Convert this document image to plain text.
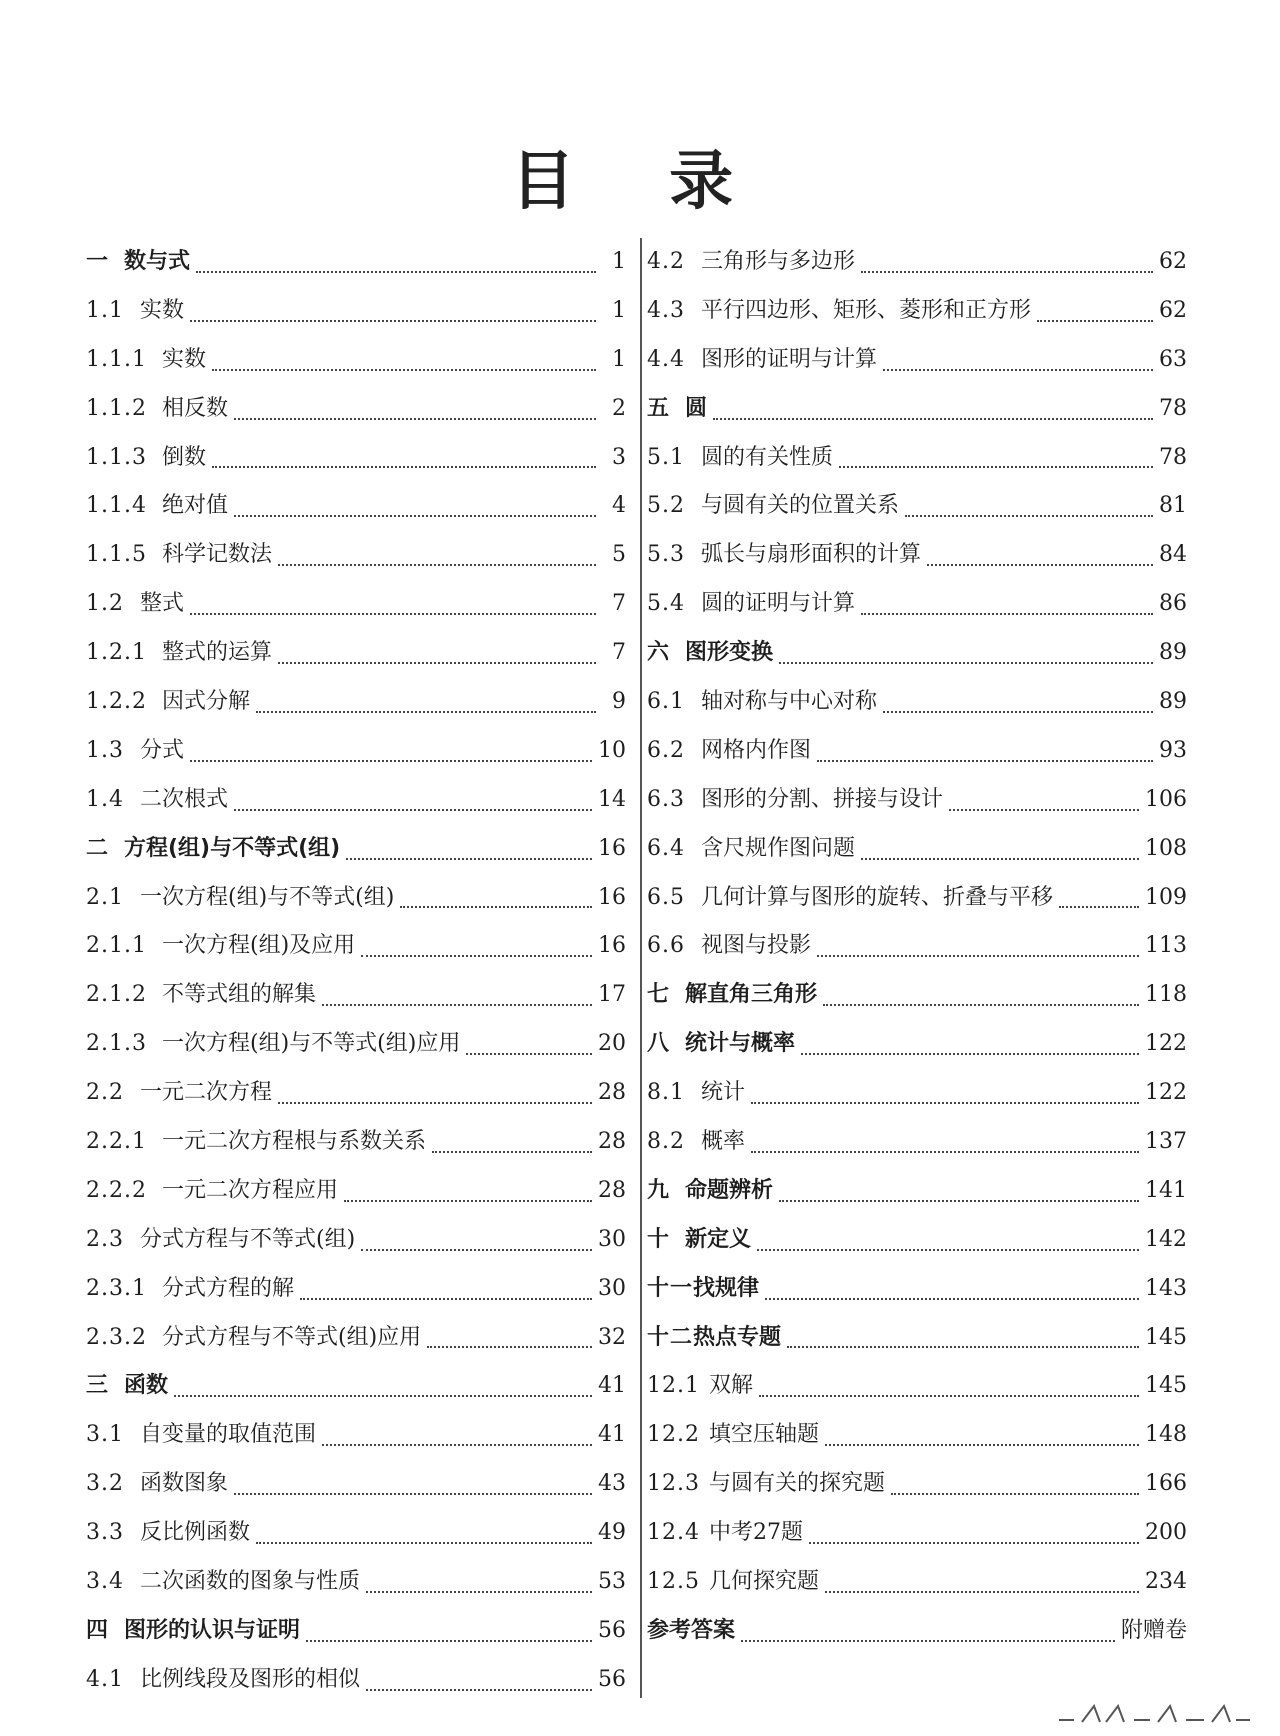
目 录
一 数与式	1
1.1 实数	1
1.1.1 实数	1
1.1.2 相反数	2
1.1.3 倒数	3
1.1.4 绝对值	4
1.1.5 科学记数法	5
1.2 整式	7
1.2.1 整式的运算	7
1.2.2 因式分解	9
1.3 分式	10
1.4 二次根式	14
二 方程(组)与不等式(组)	16
2.1 一次方程(组)与不等式(组)	16
2.1.1 一次方程(组)及应用	16
2.1.2 不等式组的解集	17
2.1.3 一次方程(组)与不等式(组)应用	20
2.2 一元二次方程	28
2.2.1 一元二次方程根与系数关系	28
2.2.2 一元二次方程应用	28
2.3 分式方程与不等式(组)	30
2.3.1 分式方程的解	30
2.3.2 分式方程与不等式(组)应用	32
三 函数	41
3.1 自变量的取值范围	41
3.2 函数图象	43
3.3 反比例函数	49
3.4 二次函数的图象与性质	53
四 图形的认识与证明	56
4.1 比例线段及图形的相似	56
4.2 三角形与多边形	62
4.3 平行四边形、矩形、菱形和正方形	62
4.4 图形的证明与计算	63
五 圆	78
5.1 圆的有关性质	78
5.2 与圆有关的位置关系	81
5.3 弧长与扇形面积的计算	84
5.4 圆的证明与计算	86
六 图形变换	89
6.1 轴对称与中心对称	89
6.2 网格内作图	93
6.3 图形的分割、拼接与设计	106
6.4 含尺规作图问题	108
6.5 几何计算与图形的旋转、折叠与平移	109
6.6 视图与投影	113
七 解直角三角形	118
八 统计与概率	122
8.1 统计	122
8.2 概率	137
九 命题辨析	141
十 新定义	142
十一 找规律	143
十二 热点专题	145
12.1 双解	145
12.2 填空压轴题	148
12.3 与圆有关的探究题	166
12.4 中考27题	200
12.5 几何探究题	234
参考答案	附赠卷
